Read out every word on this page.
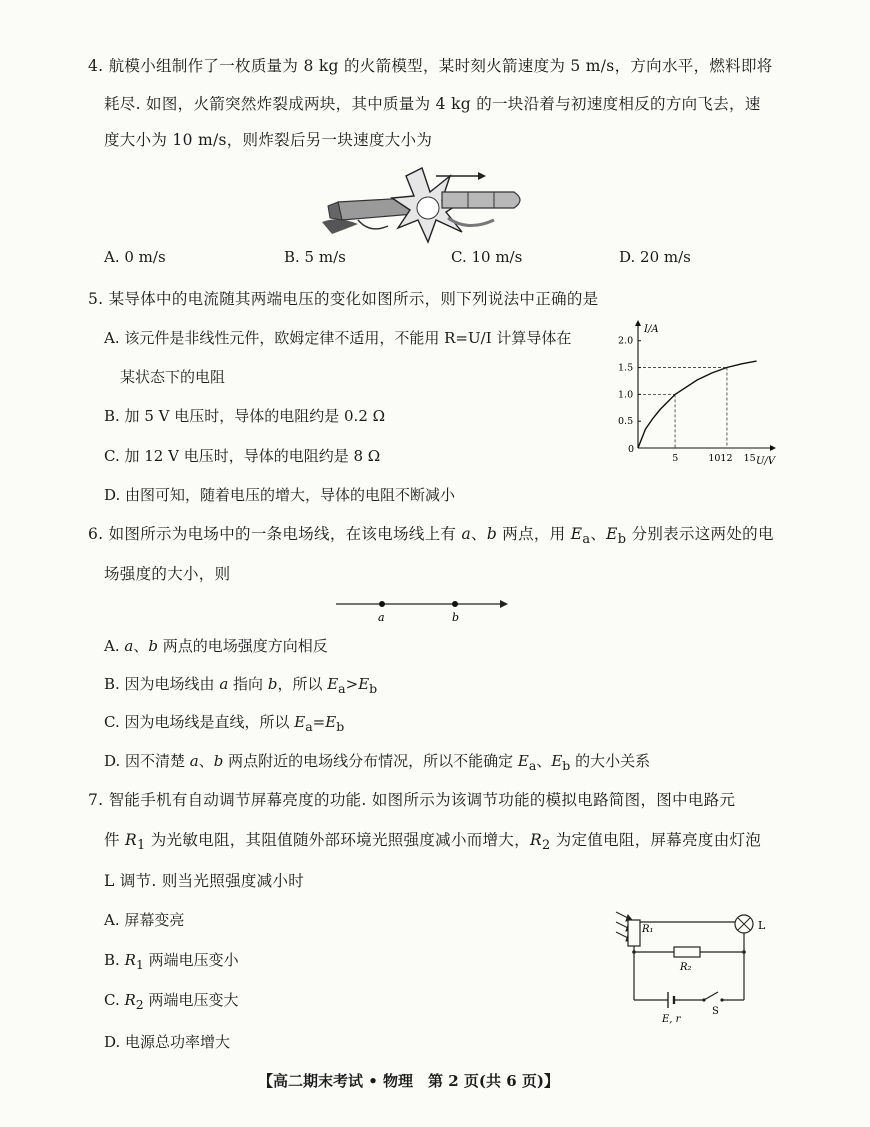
4. 航模小组制作了一枚质量为 8 kg 的火箭模型，某时刻火箭速度为 5 m/s，方向水平，燃料即将
耗尽. 如图，火箭突然炸裂成两块，其中质量为 4 kg 的一块沿着与初速度相反的方向飞去，速
度大小为 10 m/s，则炸裂后另一块速度大小为
A. 0 m/s	B. 5 m/s	C. 10 m/s	D. 20 m/s
5. 某导体中的电流随其两端电压的变化如图所示，则下列说法中正确的是
A. 该元件是非线性元件，欧姆定律不适用，不能用 R=U/I 计算导体在
某状态下的电阻
B. 加 5 V 电压时，导体的电阻约是 0.2 Ω
C. 加 12 V 电压时，导体的电阻约是 8 Ω
D. 由图可知，随着电压的增大，导体的电阻不断减小
I/A
U/V
0.5
1.0
1.5
2.0
0
5	1012 15
6. 如图所示为电场中的一条电场线，在该电场线上有 a、b 两点，用 $E_a$、$E_b$ 分别表示这两处的电
场强度的大小，则
a	b
A. a、b 两点的电场强度方向相反
B. 因为电场线由 a 指向 b，所以 $E_a>E_b$
C. 因为电场线是直线，所以 $E_a=E_b$
D. 因不清楚 a、b 两点附近的电场线分布情况，所以不能确定 $E_a$、$E_b$ 的大小关系
7. 智能手机有自动调节屏幕亮度的功能. 如图所示为该调节功能的模拟电路简图，图中电路元
件 $R_1$ 为光敏电阻，其阻值随外部环境光照强度减小而增大，$R_2$ 为定值电阻，屏幕亮度由灯泡
L 调节. 则当光照强度减小时
A. 屏幕变亮
B. $R_1$ 两端电压变小
C. $R_2$ 两端电压变大
D. 电源总功率增大
R₁	L
R₂
E, r
S
【高二期末考试 • 物理　第 2 页(共 6 页)】
